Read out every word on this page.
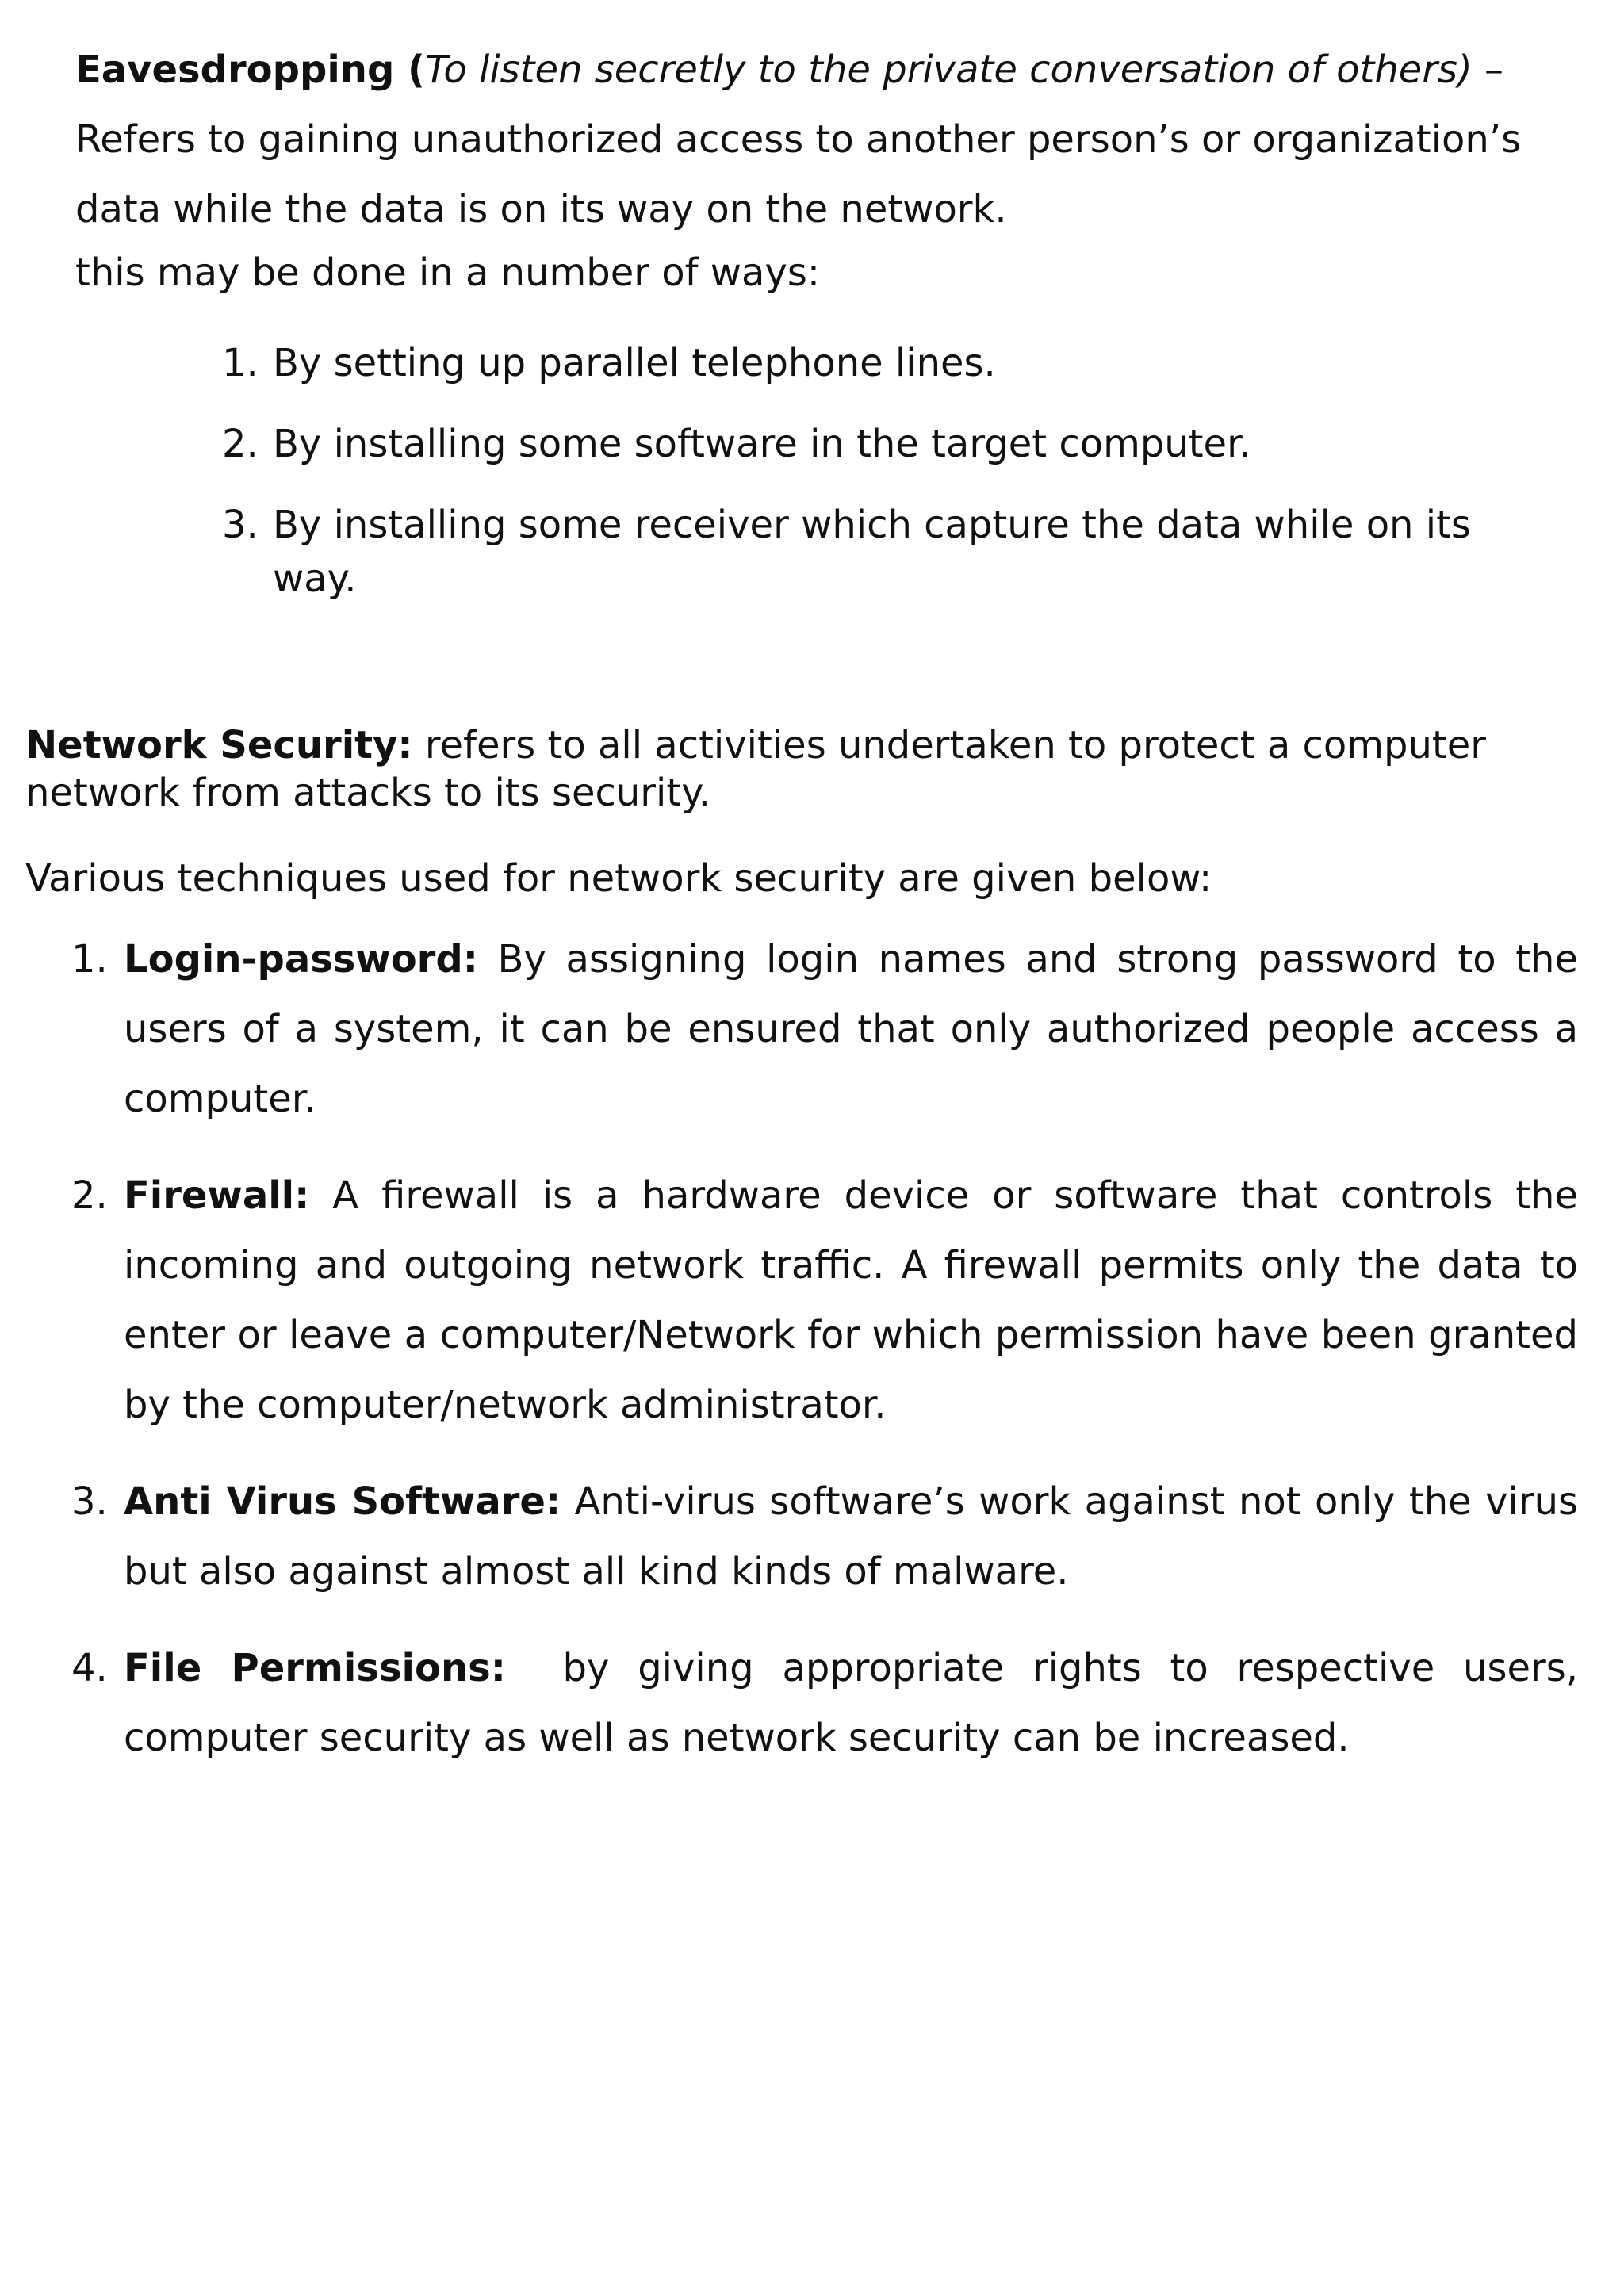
Eavesdropping (To listen secretly to the private conversation of others) –

Refers to gaining unauthorized access to another person’s or organization’s data while the data is on its way on the network.

this may be done in a number of ways:

1. By setting up parallel telephone lines.
2. By installing some software in the target computer.
3. By installing some receiver which capture the data while on its way.

Network Security: refers to all activities undertaken to protect a computer network from attacks to its security.

Various techniques used for network security are given below:

1. Login-password: By assigning login names and strong password to the users of a system, it can be ensured that only authorized people access a computer.
2. Firewall: A firewall is a hardware device or software that controls the incoming and outgoing network traffic. A firewall permits only the data to enter or leave a computer/Network for which permission have been granted by the computer/network administrator.
3. Anti Virus Software: Anti-virus software’s work against not only the virus but also against almost all kind kinds of malware.
4. File Permissions:  by giving appropriate rights to respective users, computer security as well as network security can be increased.
